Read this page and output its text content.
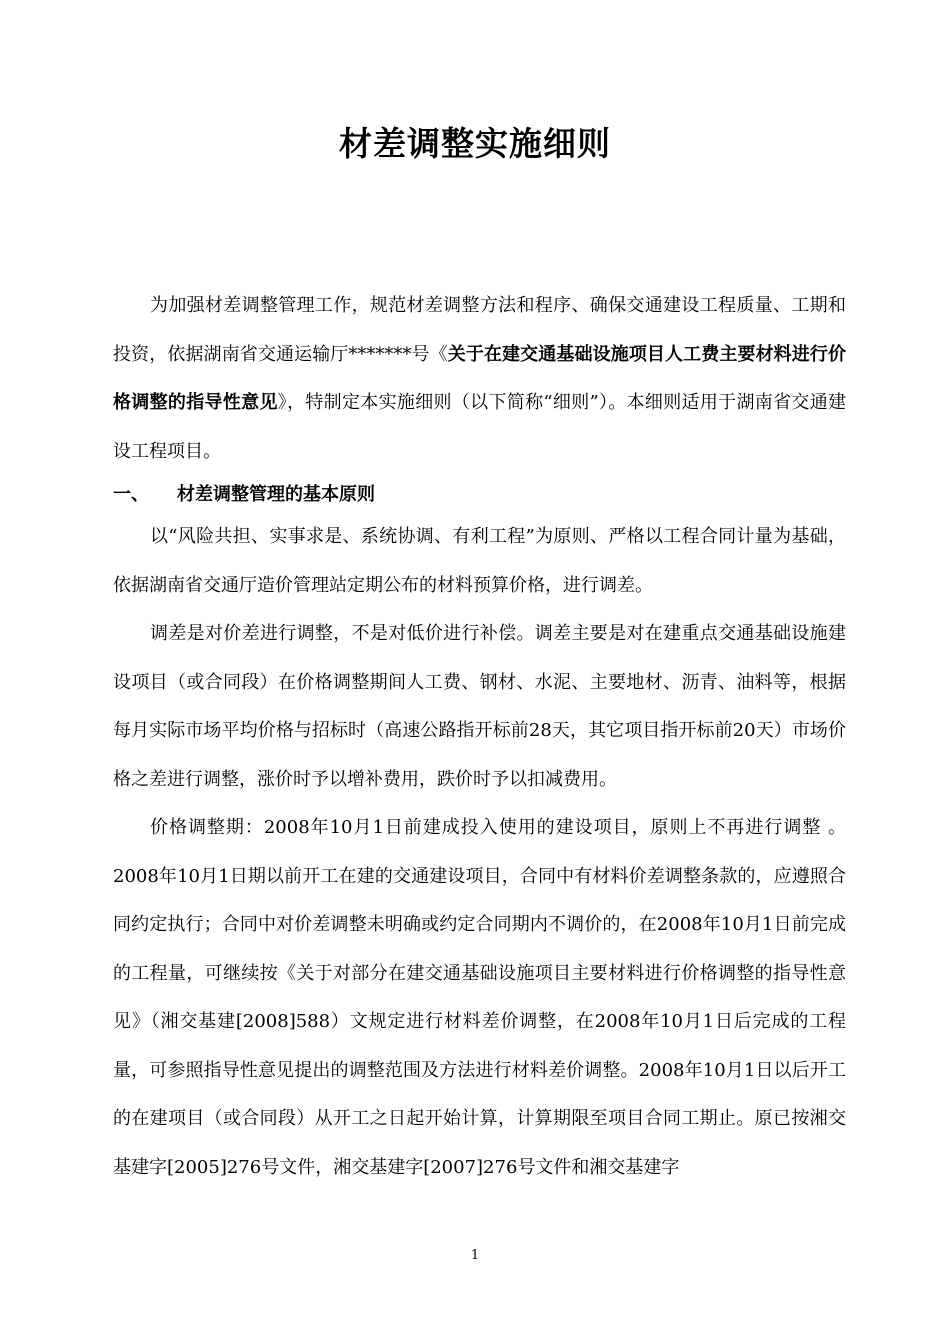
材差调整实施细则

为加强材差调整管理工作，规范材差调整方法和程序、确保交通建设工程质量、工期和投资，依据湖南省交通运输厅*******号《关于在建交通基础设施项目人工费主要材料进行价格调整的指导性意见》，特制定本实施细则（以下简称“细则”）。本细则适用于湖南省交通建设工程项目。

一、	材差调整管理的基本原则

以“风险共担、实事求是、系统协调、有利工程”为原则、严格以工程合同计量为基础，依据湖南省交通厅造价管理站定期公布的材料预算价格，进行调差。

调差是对价差进行调整，不是对低价进行补偿。调差主要是对在建重点交通基础设施建设项目（或合同段）在价格调整期间人工费、钢材、水泥、主要地材、沥青、油料等，根据每月实际市场平均价格与招标时（高速公路指开标前28天，其它项目指开标前20天）市场价格之差进行调整，涨价时予以增补费用，跌价时予以扣减费用。

价格调整期：2008年10月1日前建成投入使用的建设项目，原则上不再进行调整 。2008年10月1日期以前开工在建的交通建设项目，合同中有材料价差调整条款的，应遵照合同约定执行；合同中对价差调整未明确或约定合同期内不调价的，在2008年10月1日前完成的工程量，可继续按《关于对部分在建交通基础设施项目主要材料进行价格调整的指导性意见》（湘交基建[2008]588）文规定进行材料差价调整，在2008年10月1日后完成的工程量，可参照指导性意见提出的调整范围及方法进行材料差价调整。2008年10月1日以后开工的在建项目（或合同段）从开工之日起开始计算，计算期限至项目合同工期止。原已按湘交基建字[2005]276号文件，湘交基建字[2007]276号文件和湘交基建字

1
